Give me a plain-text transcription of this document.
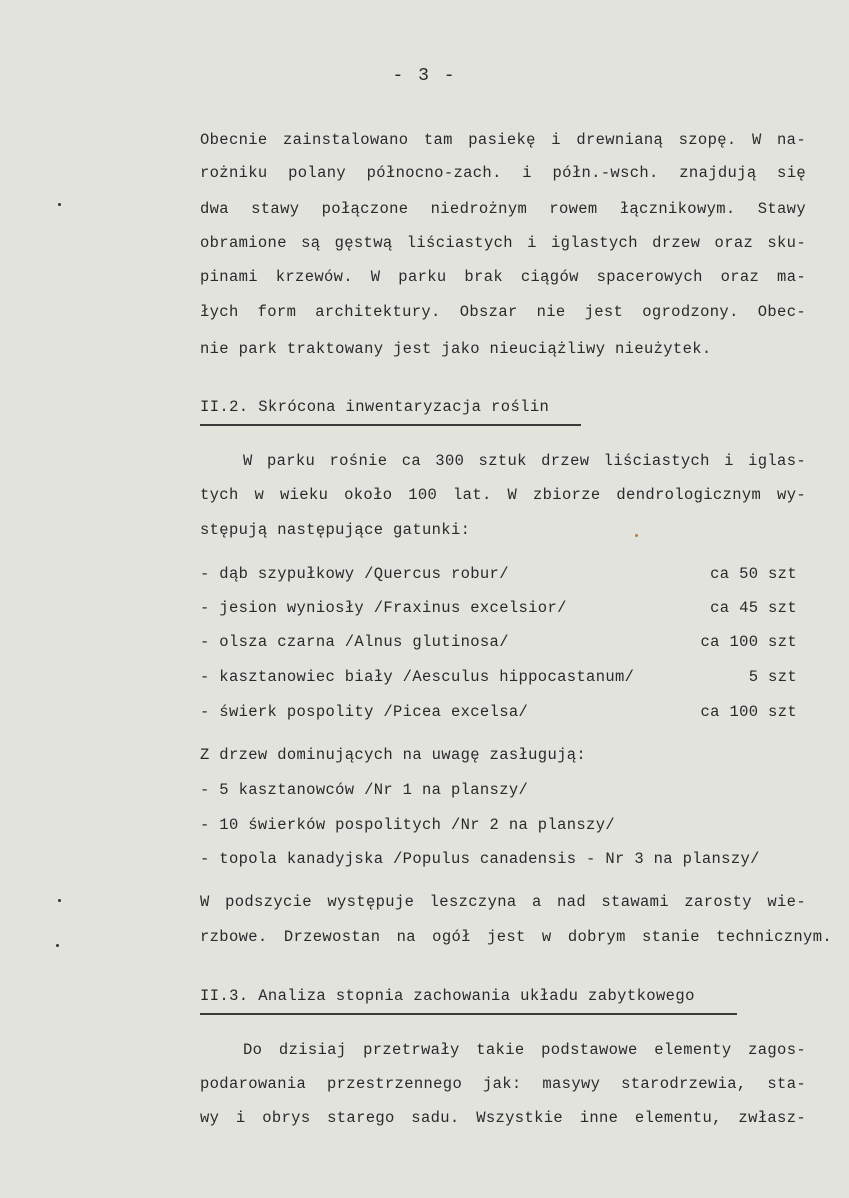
- 3 -
Obecnie zainstalowano tam pasiekę i drewnianą szopę. W na-
rożniku polany północno-zach. i półn.-wsch. znajdują się
dwa stawy połączone niedrożnym rowem łącznikowym. Stawy
obramione są gęstwą liściastych i iglastych drzew oraz sku-
pinami krzewów. W parku brak ciągów spacerowych oraz ma-
łych form architektury. Obszar nie jest ogrodzony. Obec-
nie park traktowany jest jako nieuciążliwy nieużytek.
II.2. Skrócona inwentaryzacja roślin
W parku rośnie ca 300 sztuk drzew liściastych i iglas-
tych w wieku około 100 lat. W zbiorze dendrologicznym wy-
stępują następujące gatunki:
- dąb szypułkowy /Quercus robur/	ca 50 szt
- jesion wyniosły /Fraxinus excelsior/	ca 45 szt
- olsza czarna /Alnus glutinosa/	ca 100 szt
- kasztanowiec biały /Aesculus hippocastanum/	5 szt
- świerk pospolity /Picea excelsa/	ca 100 szt
Z drzew dominujących na uwagę zasługują:
- 5 kasztanowców /Nr 1 na planszy/
- 10 świerków pospolitych /Nr 2 na planszy/
- topola kanadyjska /Populus canadensis - Nr 3 na planszy/
W podszycie występuje leszczyna a nad stawami zarosty wie-
rzbowe. Drzewostan na ogół jest w dobrym stanie technicznym.
II.3. Analiza stopnia zachowania układu zabytkowego
Do dzisiaj przetrwały takie podstawowe elementy zagos-
podarowania przestrzennego jak: masywy starodrzewia, sta-
wy i obrys starego sadu. Wszystkie inne elementu, zwłasz-
